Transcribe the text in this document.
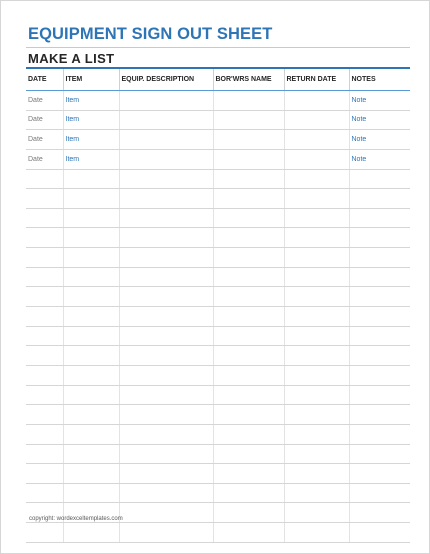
EQUIPMENT SIGN OUT SHEET
MAKE A LIST
DATE	ITEM	EQUIP. DESCRIPTION	BOR'WRS NAME	RETURN DATE	NOTES
Date	Item				Note
Date	Item				Note
Date	Item				Note
Date	Item				Note

copyright: wordexceltemplates.com
